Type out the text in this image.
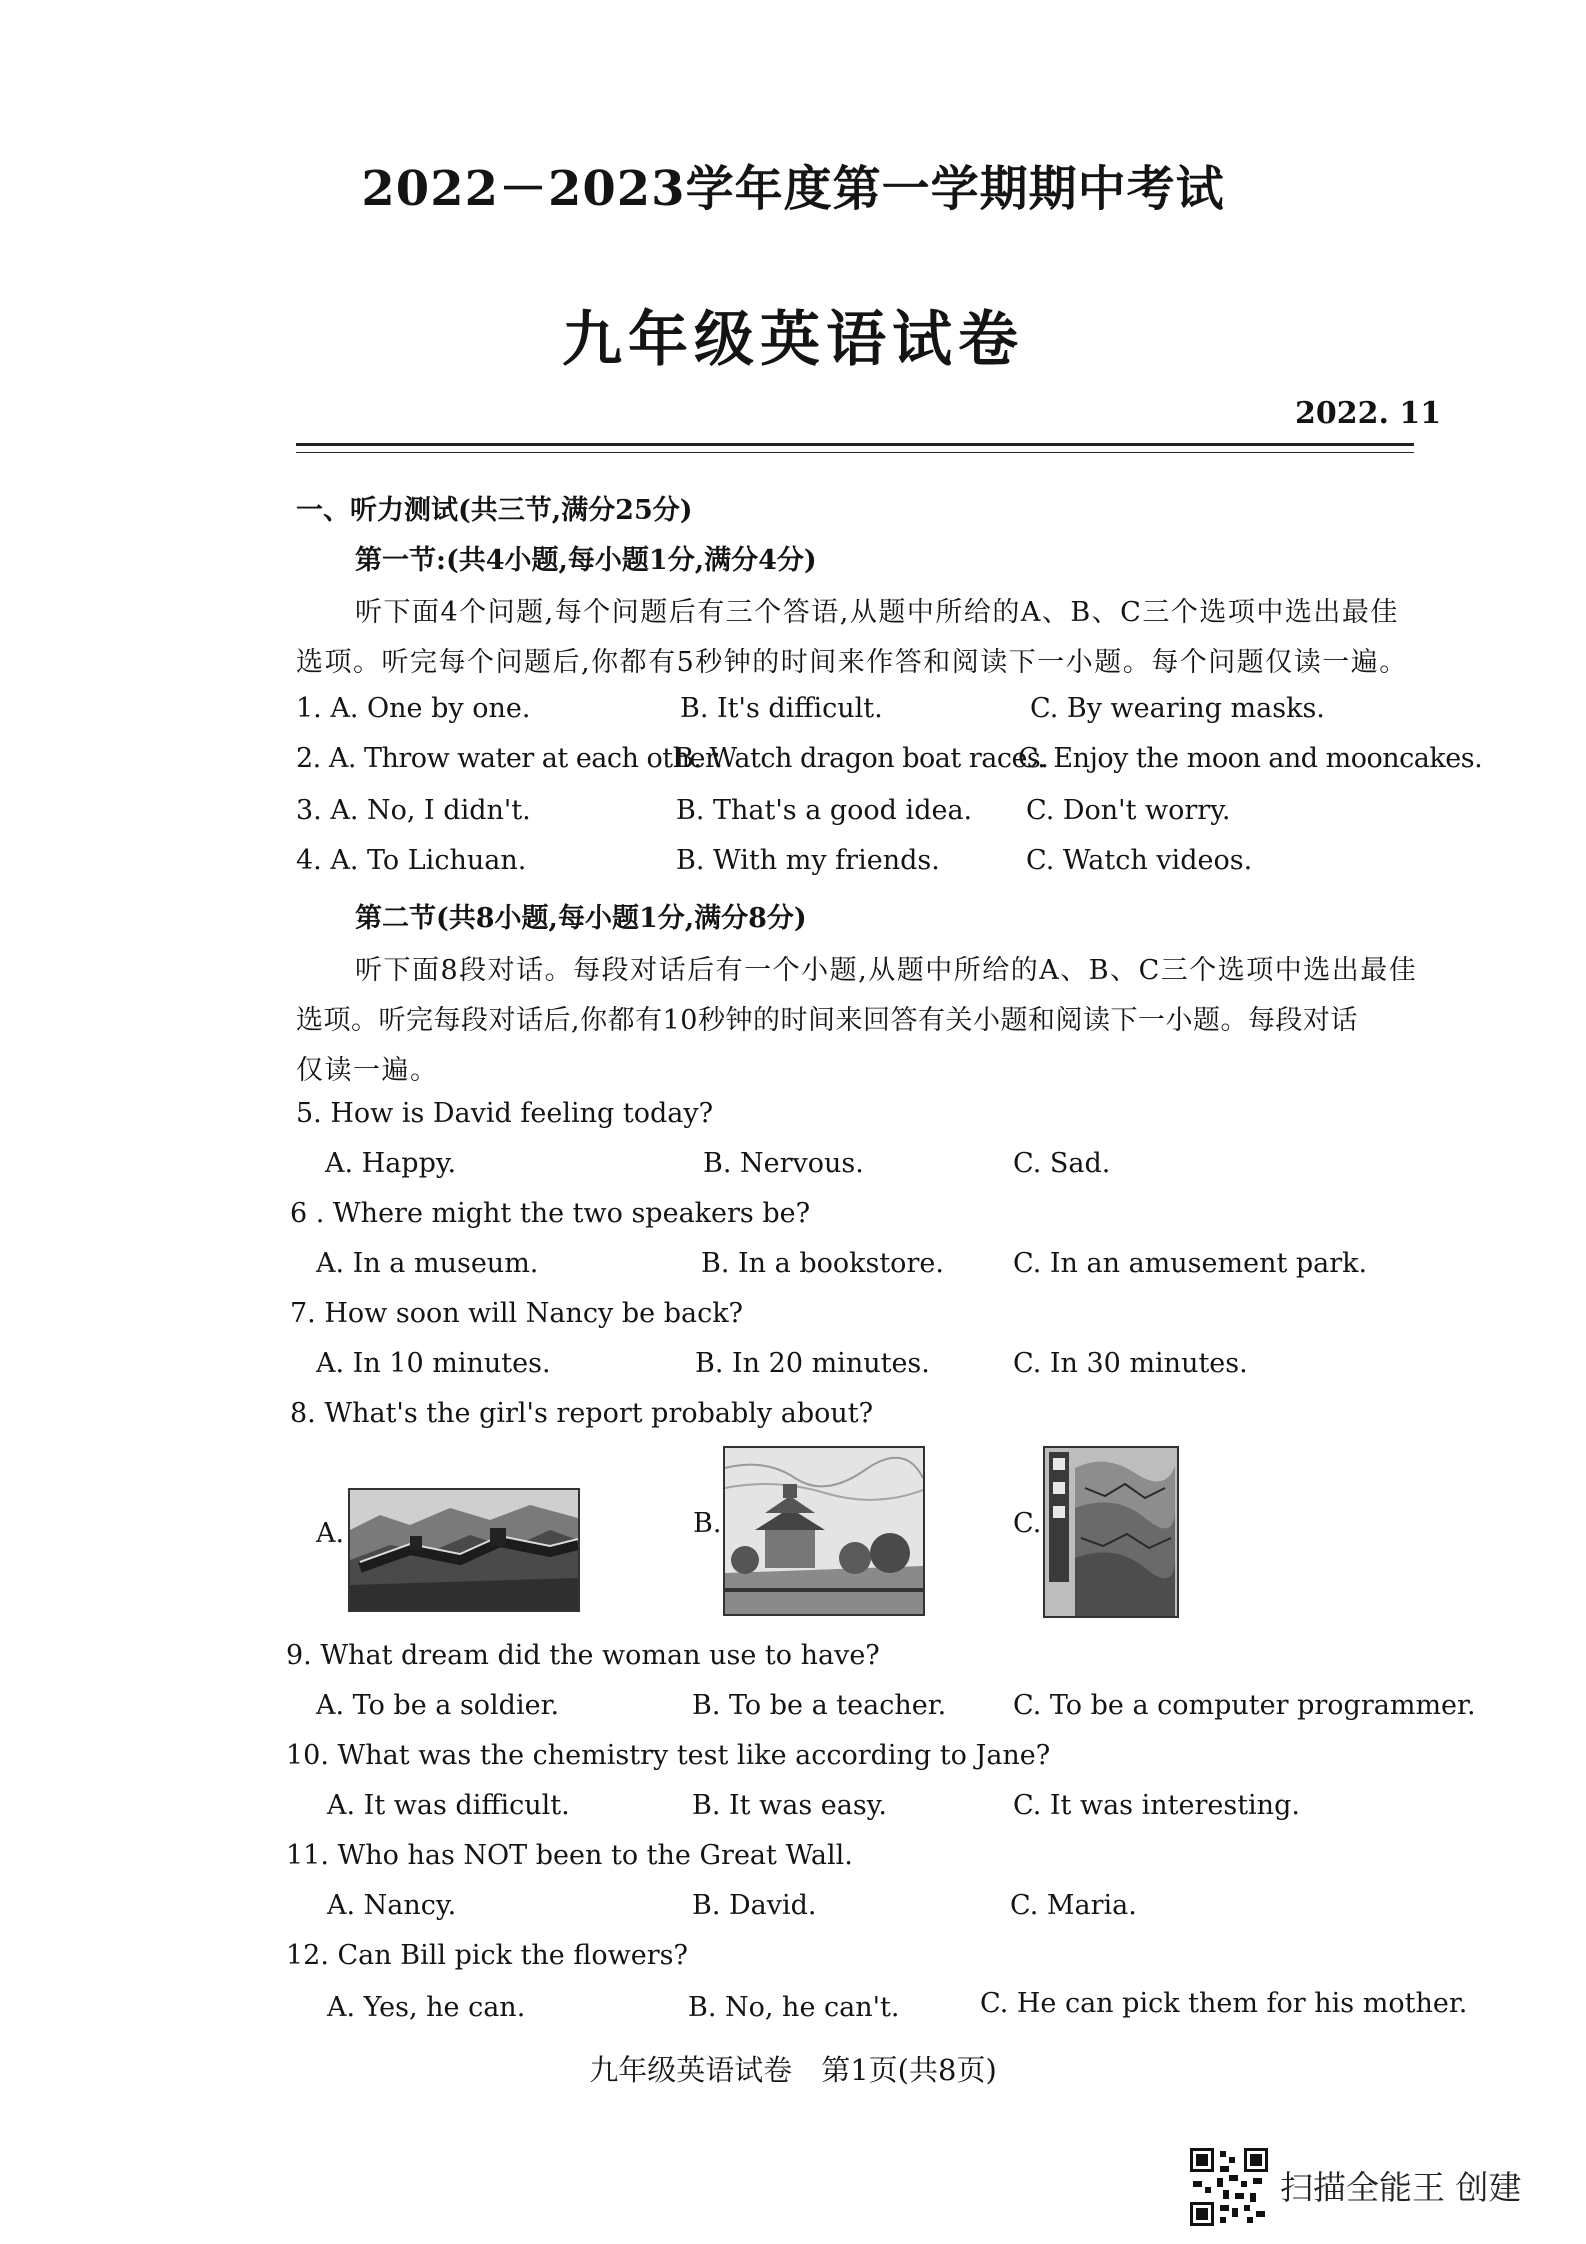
2022－2023学年度第一学期期中考试
九年级英语试卷
2022. 11
一、听力测试(共三节,满分25分)
第一节:(共4小题,每小题1分,满分4分)
听下面4个问题,每个问题后有三个答语,从题中所给的A、B、C三个选项中选出最佳
选项。听完每个问题后,你都有5秒钟的时间来作答和阅读下一小题。每个问题仅读一遍。
1. A. One by one.	B. It's difficult.	C. By wearing masks.
2. A. Throw water at each other.
B. Watch dragon boat races.
C. Enjoy the moon and mooncakes.
3. A. No, I didn't.	B. That's a good idea. C. Don't worry.
4. A. To Lichuan.	B. With my friends.	C. Watch videos.
第二节(共8小题,每小题1分,满分8分)
听下面8段对话。每段对话后有一个小题,从题中所给的A、B、C三个选项中选出最佳
选项。听完每段对话后,你都有10秒钟的时间来回答有关小题和阅读下一小题。每段对话
仅读一遍。
5. How is David feeling today?
A. Happy.	B. Nervous.	C. Sad.
6 . Where might the two speakers be?
A. In a museum.	B. In a bookstore.	C. In an amusement park.
7. How soon will Nancy be back?
A. In 10 minutes.	B. In 20 minutes.	C. In 30 minutes.
8. What's the girl's report probably about?
A.	B.	C.
9. What dream did the woman use to have?
A. To be a soldier.	B. To be a teacher. C. To be a computer programmer.
10. What was the chemistry test like according to Jane?
A. It was difficult.	B. It was easy.	C. It was interesting.
11. Who has NOT been to the Great Wall.
A. Nancy.	B. David.	C. Maria.
12. Can Bill pick the flowers?
A. Yes, he can.	B. No, he can't.	C. He can pick them for his mother.
九年级英语试卷　第1页(共8页)
扫描全能王 创建
